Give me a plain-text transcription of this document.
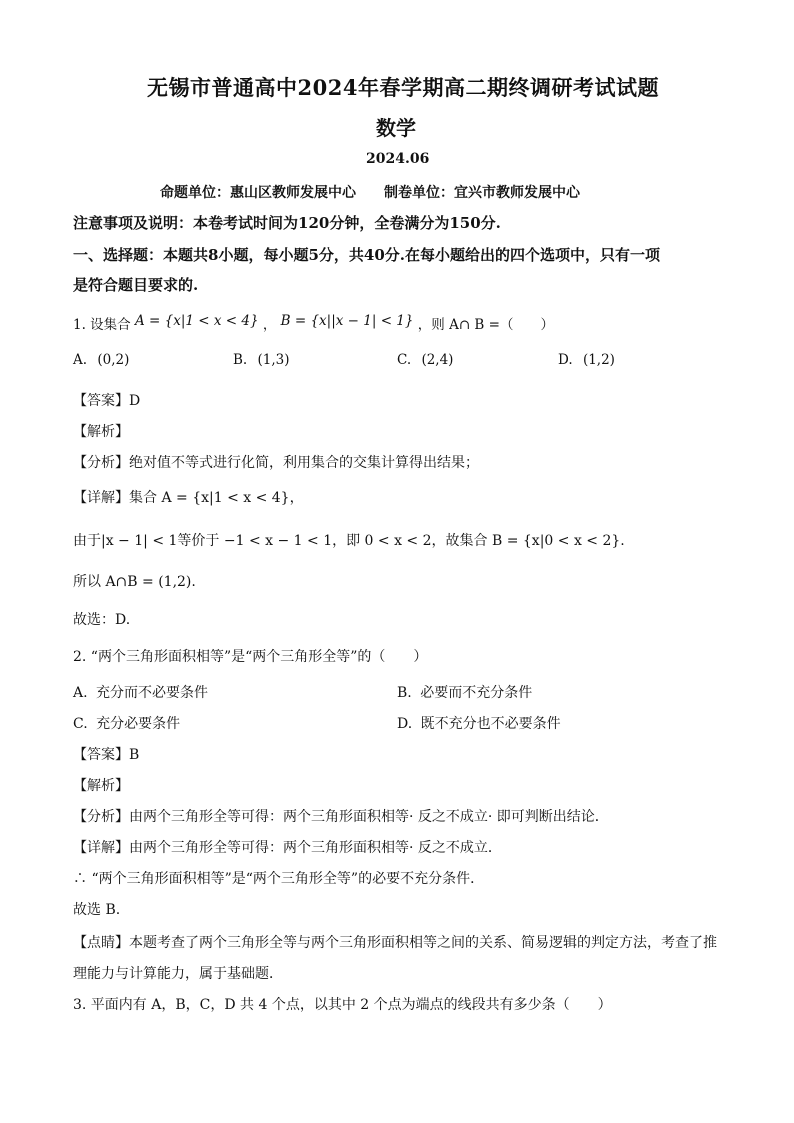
无锡市普通高中2024年春学期高二期终调研考试试题
数学
2024.06
命题单位：惠山区教师发展中心　　制卷单位：宜兴市教师发展中心
注意事项及说明：本卷考试时间为120分钟，全卷满分为150分.
一、选择题：本题共8小题，每小题5分，共40分.在每小题给出的四个选项中，只有一项
是符合题目要求的.
1. 设集合 A = {x|1 < x < 4} ， B = {x||x − 1| < 1} ，则 A∩ B =（　　）
A. (0,2)	B. (1,3)	C. (2,4)	D. (1,2)
【答案】D
【解析】
【分析】绝对值不等式进行化简，利用集合的交集计算得出结果；
【详解】集合 A = {x|1 < x < 4}，
由于|x − 1| < 1等价于 −1 < x − 1 < 1，即 0 < x < 2，故集合 B = {x|0 < x < 2}.
所以 A∩B = (1,2).
故选：D.
2. “两个三角形面积相等”是“两个三角形全等”的（　　）
A. 充分而不必要条件	B. 必要而不充分条件
C. 充分必要条件	D. 既不充分也不必要条件
【答案】B
【解析】
【分析】由两个三角形全等可得：两个三角形面积相等· 反之不成立· 即可判断出结论．
【详解】由两个三角形全等可得：两个三角形面积相等· 反之不成立．
∴ “两个三角形面积相等”是“两个三角形全等”的必要不充分条件．
故选 B.
【点睛】本题考查了两个三角形全等与两个三角形面积相等之间的关系、简易逻辑的判定方法，考查了推
理能力与计算能力，属于基础题．
3. 平面内有 A，B，C，D 共 4 个点，以其中 2 个点为端点的线段共有多少条（　　）
